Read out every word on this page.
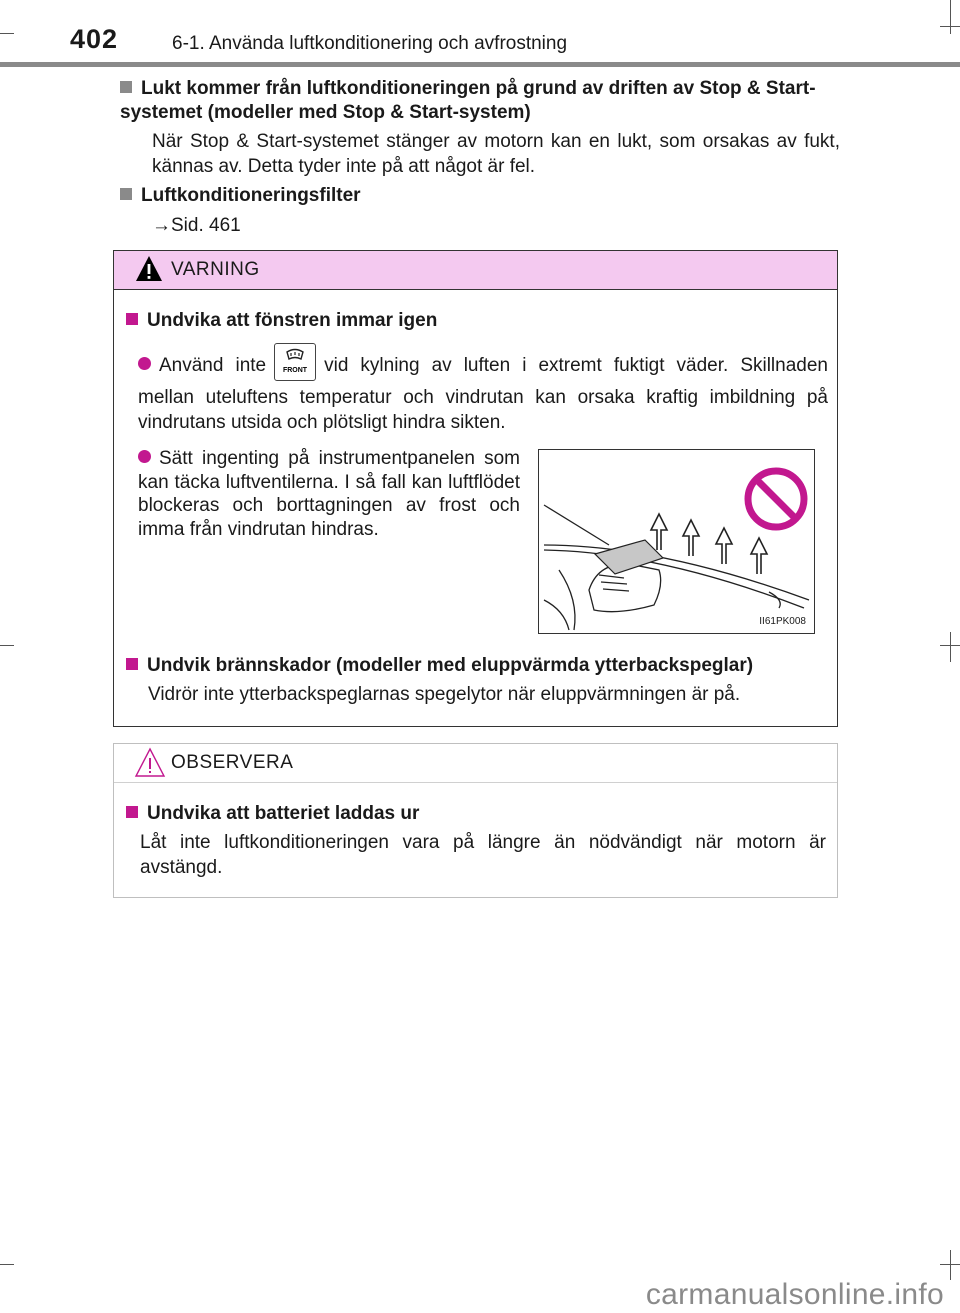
402	6-1. Använda luftkonditionering och avfrostning
Lukt kommer från luftkonditioneringen på grund av driften av Stop & Start-systemet (modeller med Stop & Start-system)
När Stop & Start-systemet stänger av motorn kan en lukt, som orsakas av fukt, kännas av. Detta tyder inte på att något är fel.
Luftkonditioneringsfilter
→Sid. 461
VARNING
Undvika att fönstren immar igen
Använd inte FRONT vid kylning av luften i extremt fuktigt väder. Skillnaden mellan uteluftens temperatur och vindrutan kan orsaka kraftig imbildning på vindrutans utsida och plötsligt hindra sikten.
Sätt ingenting på instrumentpanelen som kan täcka luftventilerna. I så fall kan luftflödet blockeras och borttagningen av frost och imma från vindrutan hindras.
II61PK008
Undvik brännskador (modeller med eluppvärmda ytterbackspeglar)
Vidrör inte ytterbackspeglarnas spegelytor när eluppvärmningen är på.
OBSERVERA
Undvika att batteriet laddas ur
Låt inte luftkonditioneringen vara på längre än nödvändigt när motorn är avstängd.
carmanualsonline.info
